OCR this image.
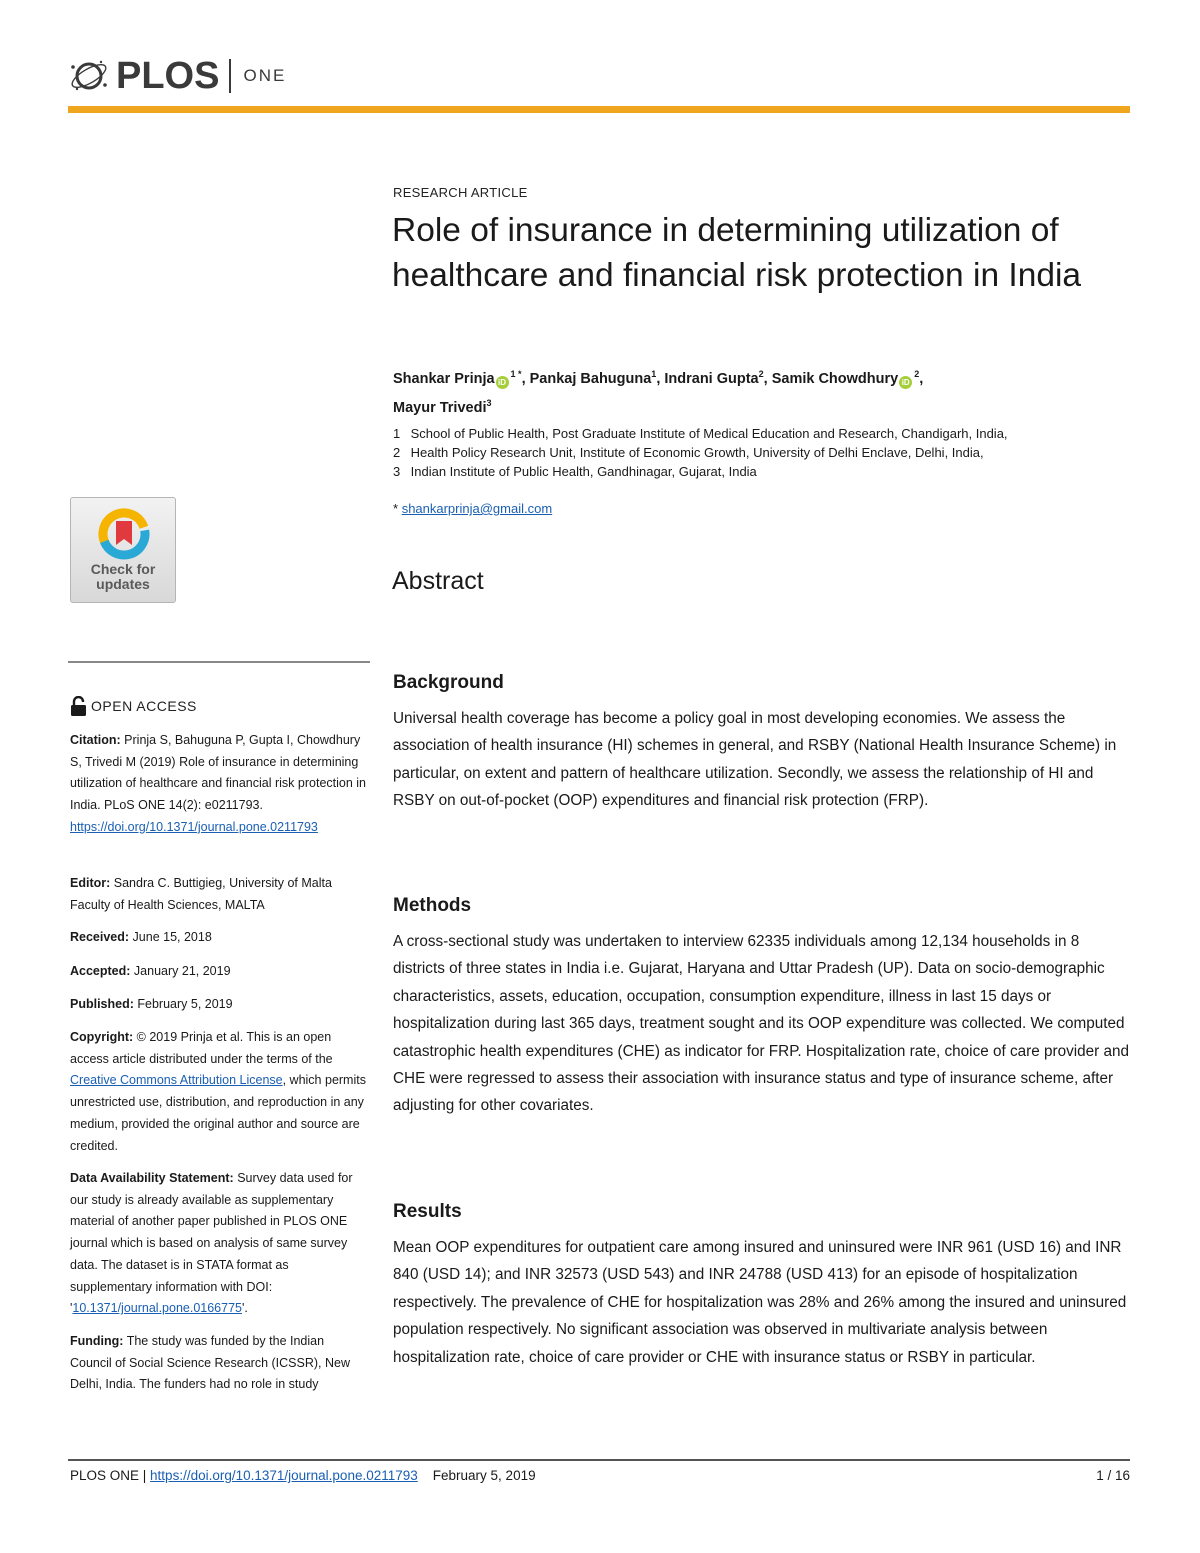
PLOS ONE
Check for
updates
OPEN ACCESS
Citation: Prinja S, Bahuguna P, Gupta I, Chowdhury S, Trivedi M (2019) Role of insurance in determining utilization of healthcare and financial risk protection in India. PLoS ONE 14(2): e0211793. https://doi.org/10.1371/journal.pone.0211793
Editor: Sandra C. Buttigieg, University of Malta Faculty of Health Sciences, MALTA
Received: June 15, 2018
Accepted: January 21, 2019
Published: February 5, 2019
Copyright: © 2019 Prinja et al. This is an open access article distributed under the terms of the Creative Commons Attribution License, which permits unrestricted use, distribution, and reproduction in any medium, provided the original author and source are credited.
Data Availability Statement: Survey data used for our study is already available as supplementary material of another paper published in PLOS ONE journal which is based on analysis of same survey data. The dataset is in STATA format as supplementary information with DOI: '10.1371/journal.pone.0166775'.
Funding: The study was funded by the Indian Council of Social Science Research (ICSSR), New Delhi, India. The funders had no role in study
RESEARCH ARTICLE
Role of insurance in determining utilization of healthcare and financial risk protection in India
Shankar Prinja $iD^{1 *}$, Pankaj Bahuguna$^1$, Indrani Gupta$^2$, Samik Chowdhury $iD^2$,
Mayur Trivedi$^3$
1 School of Public Health, Post Graduate Institute of Medical Education and Research, Chandigarh, India,
2 Health Policy Research Unit, Institute of Economic Growth, University of Delhi Enclave, Delhi, India,
3 Indian Institute of Public Health, Gandhinagar, Gujarat, India
* shankarprinja@gmail.com
Abstract
Background
Universal health coverage has become a policy goal in most developing economies. We assess the association of health insurance (HI) schemes in general, and RSBY (National Health Insurance Scheme) in particular, on extent and pattern of healthcare utilization. Secondly, we assess the relationship of HI and RSBY on out-of-pocket (OOP) expenditures and financial risk protection (FRP).
Methods
A cross-sectional study was undertaken to interview 62335 individuals among 12,134 households in 8 districts of three states in India i.e. Gujarat, Haryana and Uttar Pradesh (UP). Data on socio-demographic characteristics, assets, education, occupation, consumption expenditure, illness in last 15 days or hospitalization during last 365 days, treatment sought and its OOP expenditure was collected. We computed catastrophic health expenditures (CHE) as indicator for FRP. Hospitalization rate, choice of care provider and CHE were regressed to assess their association with insurance status and type of insurance scheme, after adjusting for other covariates.
Results
Mean OOP expenditures for outpatient care among insured and uninsured were INR 961 (USD 16) and INR 840 (USD 14); and INR 32573 (USD 543) and INR 24788 (USD 413) for an episode of hospitalization respectively. The prevalence of CHE for hospitalization was 28% and 26% among the insured and uninsured population respectively. No significant association was observed in multivariate analysis between hospitalization rate, choice of care provider or CHE with insurance status or RSBY in particular.
PLOS ONE | https://doi.org/10.1371/journal.pone.0211793 February 5, 2019	1 / 16
